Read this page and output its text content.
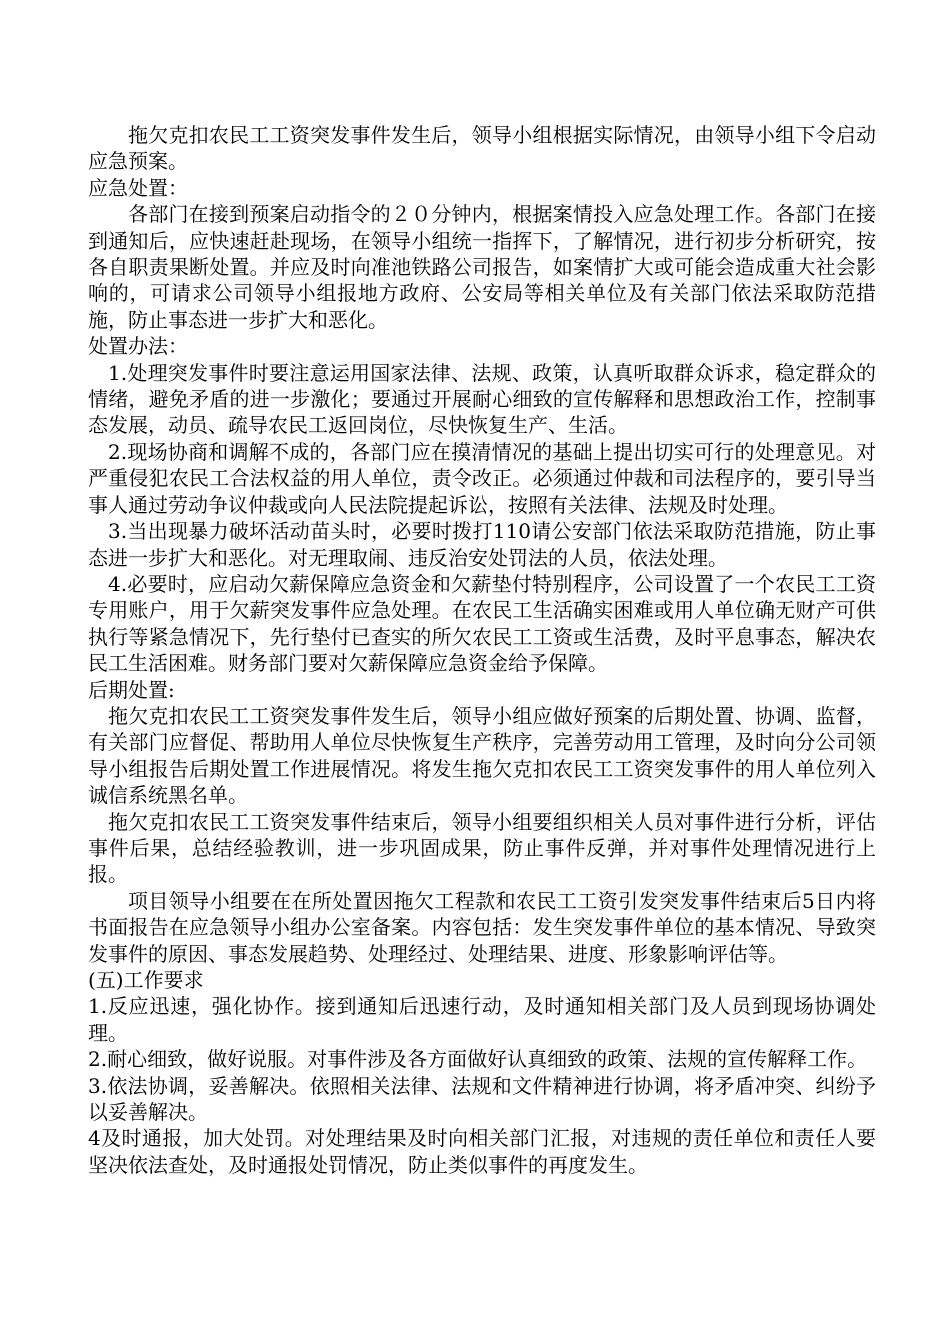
拖欠克扣农民工工资突发事件发生后，领导小组根据实际情况，由领导小组下令启动应急预案。

应急处置：

各部门在接到预案启动指令的２０分钟内，根据案情投入应急处理工作。各部门在接到通知后，应快速赶赴现场，在领导小组统一指挥下，了解情况，进行初步分析研究，按各自职责果断处置。并应及时向准池铁路公司报告，如案情扩大或可能会造成重大社会影响的，可请求公司领导小组报地方政府、公安局等相关单位及有关部门依法采取防范措施，防止事态进一步扩大和恶化。

处置办法：

1.处理突发事件时要注意运用国家法律、法规、政策，认真听取群众诉求，稳定群众的情绪，避免矛盾的进一步激化；要通过开展耐心细致的宣传解释和思想政治工作，控制事态发展，动员、疏导农民工返回岗位，尽快恢复生产、生活。

2.现场协商和调解不成的，各部门应在摸清情况的基础上提出切实可行的处理意见。对严重侵犯农民工合法权益的用人单位，责令改正。必须通过仲裁和司法程序的，要引导当事人通过劳动争议仲裁或向人民法院提起诉讼，按照有关法律、法规及时处理。

3.当出现暴力破坏活动苗头时，必要时拨打110请公安部门依法采取防范措施，防止事态进一步扩大和恶化。对无理取闹、违反治安处罚法的人员，依法处理。

4.必要时，应启动欠薪保障应急资金和欠薪垫付特别程序，公司设置了一个农民工工资专用账户，用于欠薪突发事件应急处理。在农民工生活确实困难或用人单位确无财产可供执行等紧急情况下，先行垫付已查实的所欠农民工工资或生活费，及时平息事态，解决农民工生活困难。财务部门要对欠薪保障应急资金给予保障。

后期处置:

拖欠克扣农民工工资突发事件发生后，领导小组应做好预案的后期处置、协调、监督，有关部门应督促、帮助用人单位尽快恢复生产秩序，完善劳动用工管理，及时向分公司领导小组报告后期处置工作进展情况。将发生拖欠克扣农民工工资突发事件的用人单位列入诚信系统黑名单。

拖欠克扣农民工工资突发事件结束后，领导小组要组织相关人员对事件进行分析，评估事件后果，总结经验教训，进一步巩固成果，防止事件反弹，并对事件处理情况进行上报。

项目领导小组要在在所处置因拖欠工程款和农民工工资引发突发事件结束后5日内将书面报告在应急领导小组办公室备案。内容包括：发生突发事件单位的基本情况、导致突发事件的原因、事态发展趋势、处理经过、处理结果、进度、形象影响评估等。

(五)工作要求

1.反应迅速，强化协作。接到通知后迅速行动，及时通知相关部门及人员到现场协调处理。

2.耐心细致，做好说服。对事件涉及各方面做好认真细致的政策、法规的宣传解释工作。

3.依法协调，妥善解决。依照相关法律、法规和文件精神进行协调，将矛盾冲突、纠纷予以妥善解决。

4及时通报，加大处罚。对处理结果及时向相关部门汇报，对违规的责任单位和责任人要坚决依法查处，及时通报处罚情况，防止类似事件的再度发生。
